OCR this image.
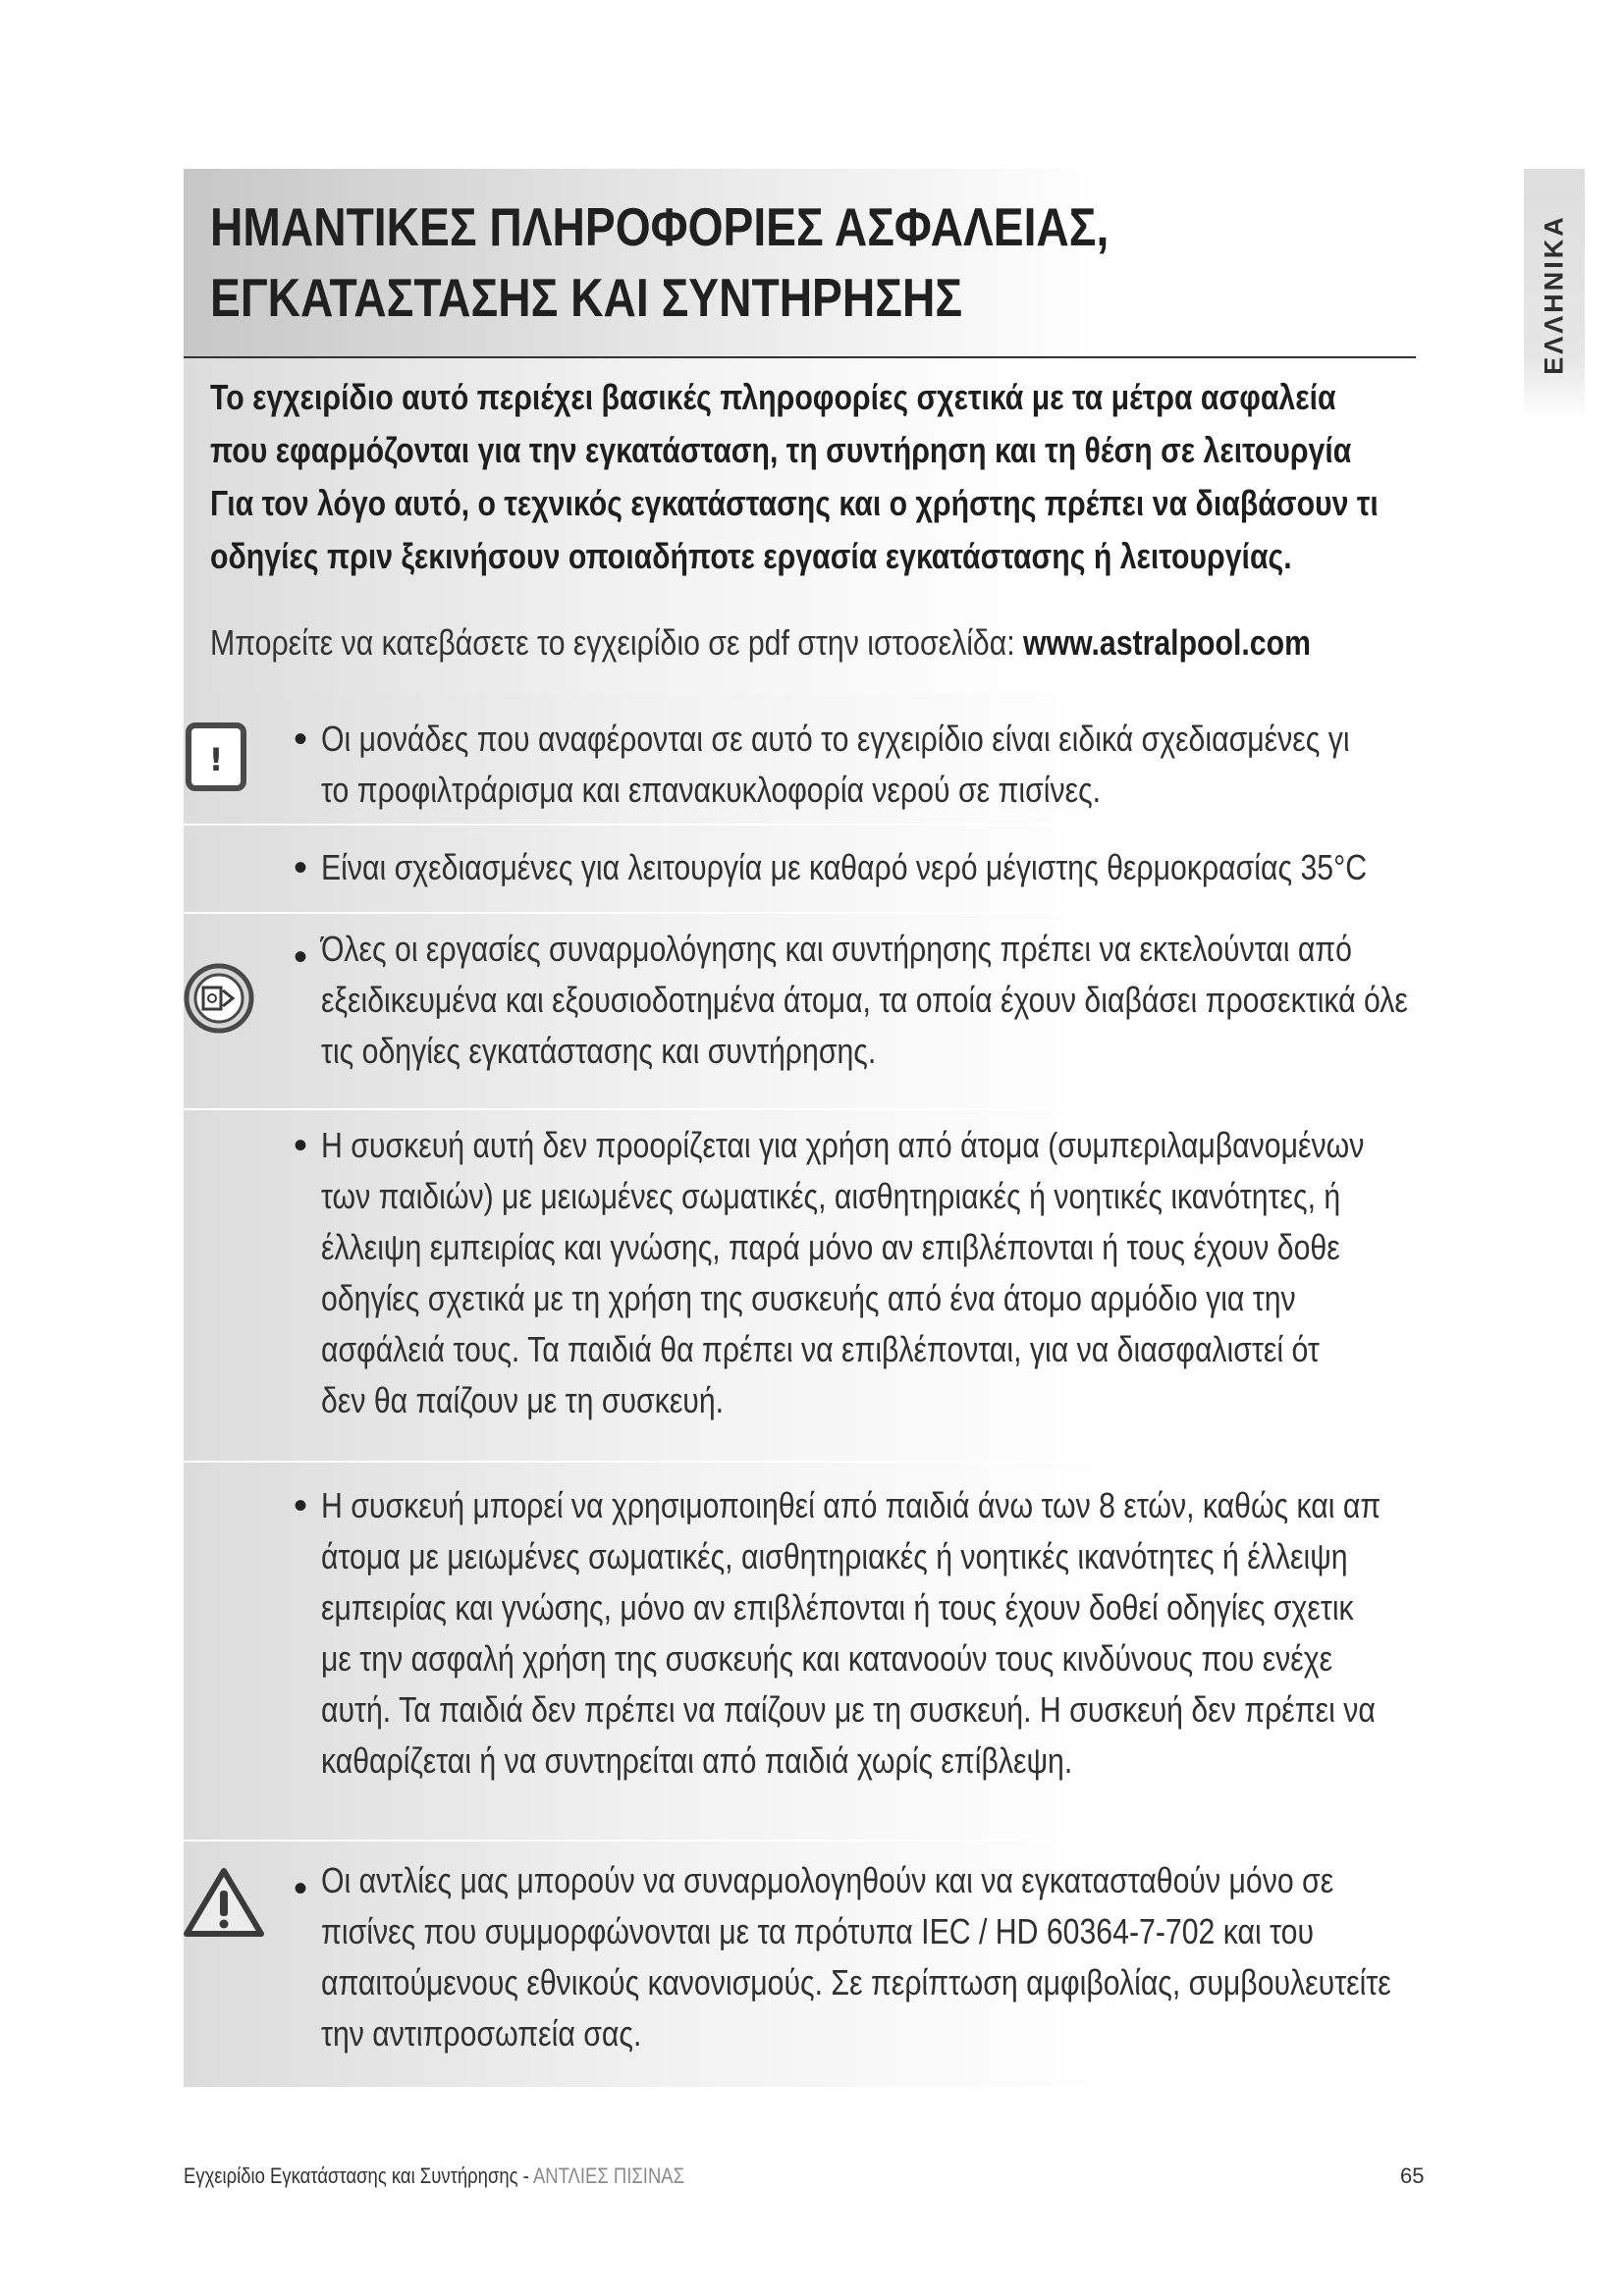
ΕΛΛΗΝΙΚΑ
ΗΜΑΝΤΙΚΕΣ ΠΛΗΡΟΦΟΡΙΕΣ ΑΣΦΑΛΕΙΑΣ,
ΕΓΚΑΤΑΣΤΑΣΗΣ ΚΑΙ ΣΥΝΤΗΡΗΣΗΣ
Το εγχειρίδιο αυτό περιέχει βασικές πληροφορίες σχετικά με τα μέτρα ασφαλεία
που εφαρμόζονται για την εγκατάσταση, τη συντήρηση και τη θέση σε λειτουργία
Για τον λόγο αυτό, ο τεχνικός εγκατάστασης και ο χρήστης πρέπει να διαβάσουν τι
οδηγίες πριν ξεκινήσουν οποιαδήποτε εργασία εγκατάστασης ή λειτουργίας.
Μπορείτε να κατεβάσετε το εγχειρίδιο σε pdf στην ιστοσελίδα: www.astralpool.com
! • Οι μονάδες που αναφέρονται σε αυτό το εγχειρίδιο είναι ειδικά σχεδιασμένες γι
το προφιλτράρισμα και επανακυκλοφορία νερού σε πισίνες.
• Είναι σχεδιασμένες για λειτουργία με καθαρό νερό μέγιστης θερμοκρασίας 35°C
• Όλες οι εργασίες συναρμολόγησης και συντήρησης πρέπει να εκτελούνται από
εξειδικευμένα και εξουσιοδοτημένα άτομα, τα οποία έχουν διαβάσει προσεκτικά όλε
τις οδηγίες εγκατάστασης και συντήρησης.
• Η συσκευή αυτή δεν προορίζεται για χρήση από άτομα (συμπεριλαμβανομένων
των παιδιών) με μειωμένες σωματικές, αισθητηριακές ή νοητικές ικανότητες, ή
έλλειψη εμπειρίας και γνώσης, παρά μόνο αν επιβλέπονται ή τους έχουν δοθε
οδηγίες σχετικά με τη χρήση της συσκευής από ένα άτομο αρμόδιο για την
ασφάλειά τους. Τα παιδιά θα πρέπει να επιβλέπονται, για να διασφαλιστεί ότ
δεν θα παίζουν με τη συσκευή.
• Η συσκευή μπορεί να χρησιμοποιηθεί από παιδιά άνω των 8 ετών, καθώς και απ
άτομα με μειωμένες σωματικές, αισθητηριακές ή νοητικές ικανότητες ή έλλειψη
εμπειρίας και γνώσης, μόνο αν επιβλέπονται ή τους έχουν δοθεί οδηγίες σχετικ
με την ασφαλή χρήση της συσκευής και κατανοούν τους κινδύνους που ενέχε
αυτή. Τα παιδιά δεν πρέπει να παίζουν με τη συσκευή. Η συσκευή δεν πρέπει να
καθαρίζεται ή να συντηρείται από παιδιά χωρίς επίβλεψη.
• Οι αντλίες μας μπορούν να συναρμολογηθούν και να εγκατασταθούν μόνο σε
πισίνες που συμμορφώνονται με τα πρότυπα IEC / HD 60364-7-702 και του
απαιτούμενους εθνικούς κανονισμούς. Σε περίπτωση αμφιβολίας, συμβουλευτείτε
την αντιπροσωπεία σας.
Εγχειρίδιο Εγκατάστασης και Συντήρησης - ΑΝΤΛΙΕΣ ΠΙΣΙΝΑΣ	65
